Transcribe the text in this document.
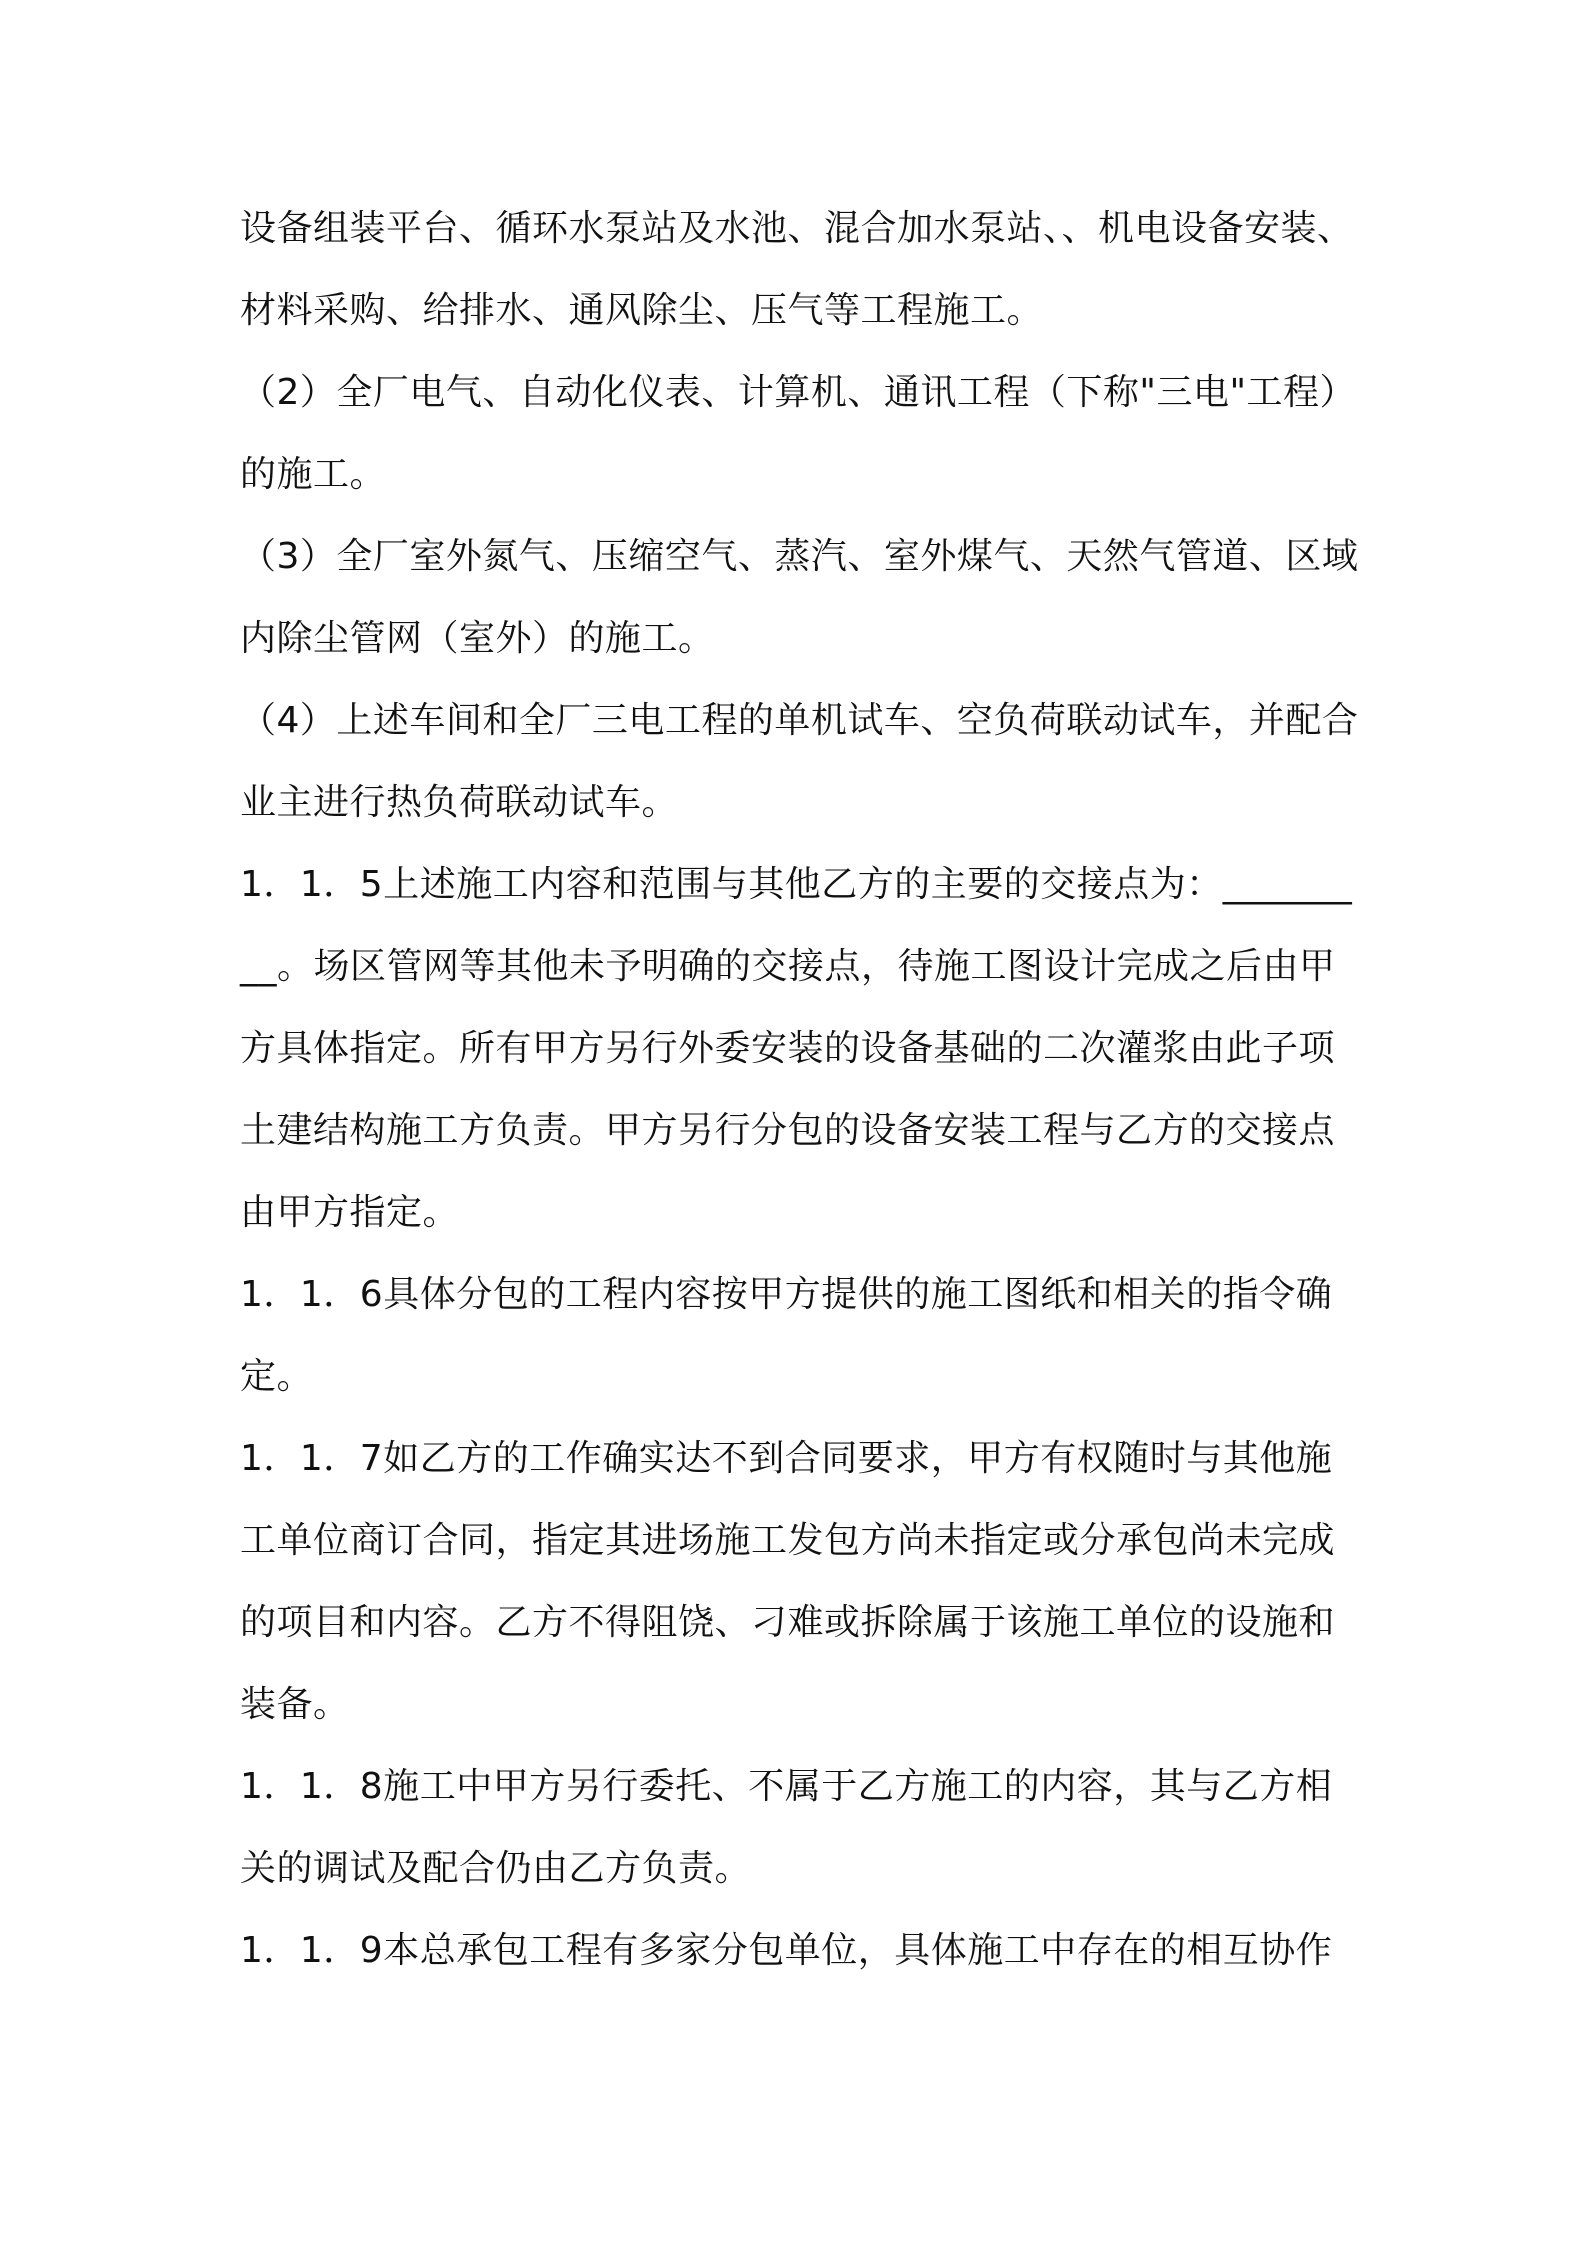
设备组装平台、循环水泵站及水池、混合加水泵站、、机电设备安装、材料采购、给排水、通风除尘、压气等工程施工。

（2）全厂电气、自动化仪表、计算机、通讯工程（下称"三电"工程）的施工。

（3）全厂室外氮气、压缩空气、蒸汽、室外煤气、天然气管道、区域内除尘管网（室外）的施工。

（4）上述车间和全厂三电工程的单机试车、空负荷联动试车，并配合业主进行热负荷联动试车。

1．1．5上述施工内容和范围与其他乙方的主要的交接点为：_________。场区管网等其他未予明确的交接点，待施工图设计完成之后由甲方具体指定。所有甲方另行外委安装的设备基础的二次灌浆由此子项土建结构施工方负责。甲方另行分包的设备安装工程与乙方的交接点由甲方指定。

1．1．6具体分包的工程内容按甲方提供的施工图纸和相关的指令确定。

1．1．7如乙方的工作确实达不到合同要求，甲方有权随时与其他施工单位商订合同，指定其进场施工发包方尚未指定或分承包尚未完成的项目和内容。乙方不得阻饶、刁难或拆除属于该施工单位的设施和装备。

1．1．8施工中甲方另行委托、不属于乙方施工的内容，其与乙方相关的调试及配合仍由乙方负责。

1．1．9本总承包工程有多家分包单位，具体施工中存在的相互协作
